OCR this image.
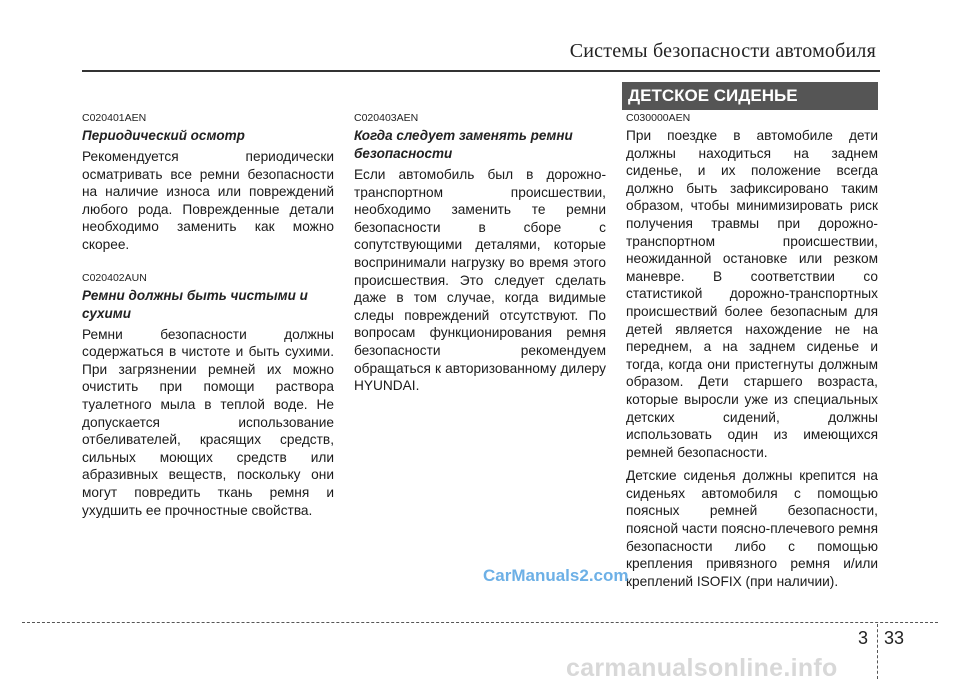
Системы безопасности автомобиля
C020401AEN
Периодический осмотр
Рекомендуется периодически осматривать все ремни безопасности на наличие износа или повреждений любого рода. Поврежденные детали необходимо заменить как можно скорее.
C020402AUN
Ремни должны быть чистыми и сухими
Ремни безопасности должны содержаться в чистоте и быть сухими. При загрязнении ремней их можно очистить при помощи раствора туалетного мыла в теплой воде. Не допускается использование отбеливателей, красящих средств, сильных моющих средств или абразивных веществ, поскольку они могут повредить ткань ремня и ухудшить ее прочностные свойства.
C020403AEN
Когда следует заменять ремни безопасности
Если автомобиль был в дорожно-транспортном происшествии, необходимо заменить те ремни безопасности в сборе с сопутствующими деталями, которые воспринимали нагрузку во время этого происшествия. Это следует сделать даже в том случае, когда видимые следы повреждений отсутствуют. По вопросам функционирования ремня безопасности рекомендуем обращаться к авторизованному дилеру HYUNDAI.
ДЕТСКОЕ СИДЕНЬЕ
C030000AEN
При поездке в автомобиле дети должны находиться на заднем сиденье, и их положение всегда должно быть зафиксировано таким образом, чтобы минимизировать риск получения травмы при дорожно-транспортном происшествии, неожиданной остановке или резком маневре. В соответствии со статистикой дорожно-транспортных происшествий более безопасным для детей является нахождение не на переднем, а на заднем сиденье и тогда, когда они пристегнуты должным образом. Дети старшего возраста, которые выросли уже из специальных детских сидений, должны использовать один из имеющихся ремней безопасности.
Детские сиденья должны крепится на сиденьях автомобиля с помощью поясных ремней безопасности, поясной части поясно-плечевого ремня безопасности либо с помощью крепления привязного ремня и/или креплений ISOFIX (при наличии).
CarManuals2.com
3 33
carmanualsonline.info
